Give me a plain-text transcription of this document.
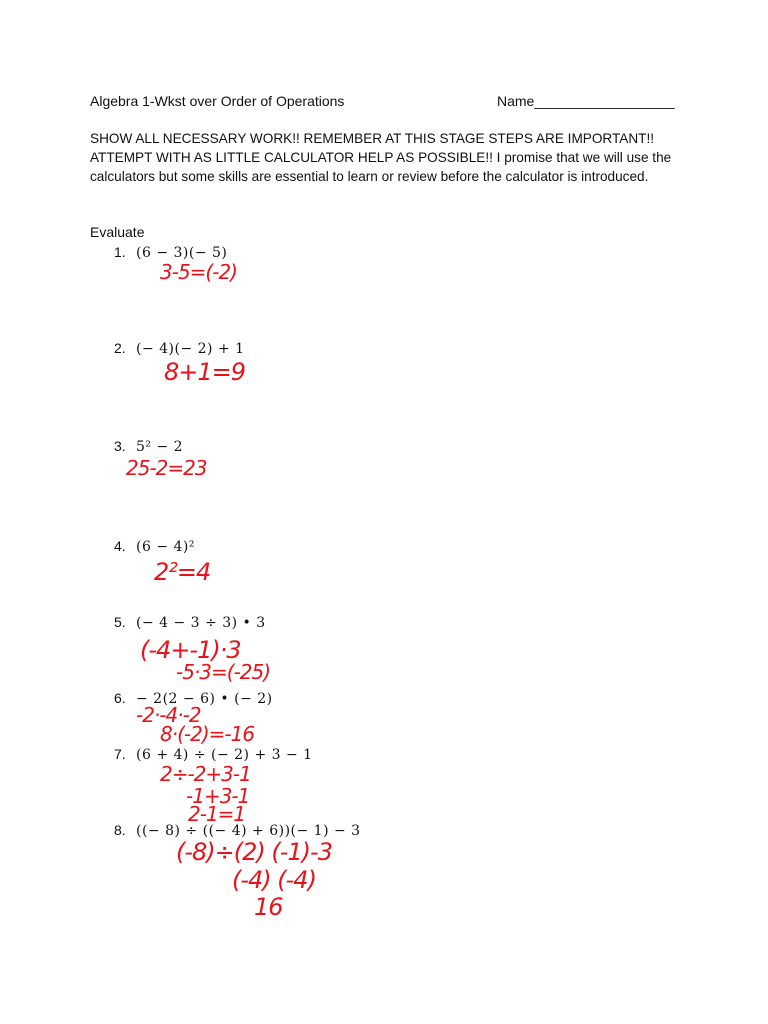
Algebra 1-Wkst over Order of Operations	Name__________________
SHOW ALL NECESSARY WORK!! REMEMBER AT THIS STAGE STEPS ARE IMPORTANT!! ATTEMPT WITH AS LITTLE CALCULATOR HELP AS POSSIBLE!! I promise that we will use the calculators but some skills are essential to learn or review before the calculator is introduced.
Evaluate
1. (6 − 3)(− 5)
3-5=(-2)
2. (− 4)(− 2) + 1
8+1=9
3. 5² − 2
25-2=23
4. (6 − 4)²
2²=4
5. (− 4 − 3 ÷ 3) • 3
(-4+-1)·3
-5·3=(-25)
6. − 2(2 − 6) • (− 2)
-2·-4·-2
8·(-2)=-16
7. (6 + 4) ÷ (− 2) + 3 − 1
2÷-2+3-1
-1+3-1
2-1=1
8. ((− 8) ÷ ((− 4) + 6))(− 1) − 3
(-8)÷(2) (-1)-3
(-4) (-4)
16
